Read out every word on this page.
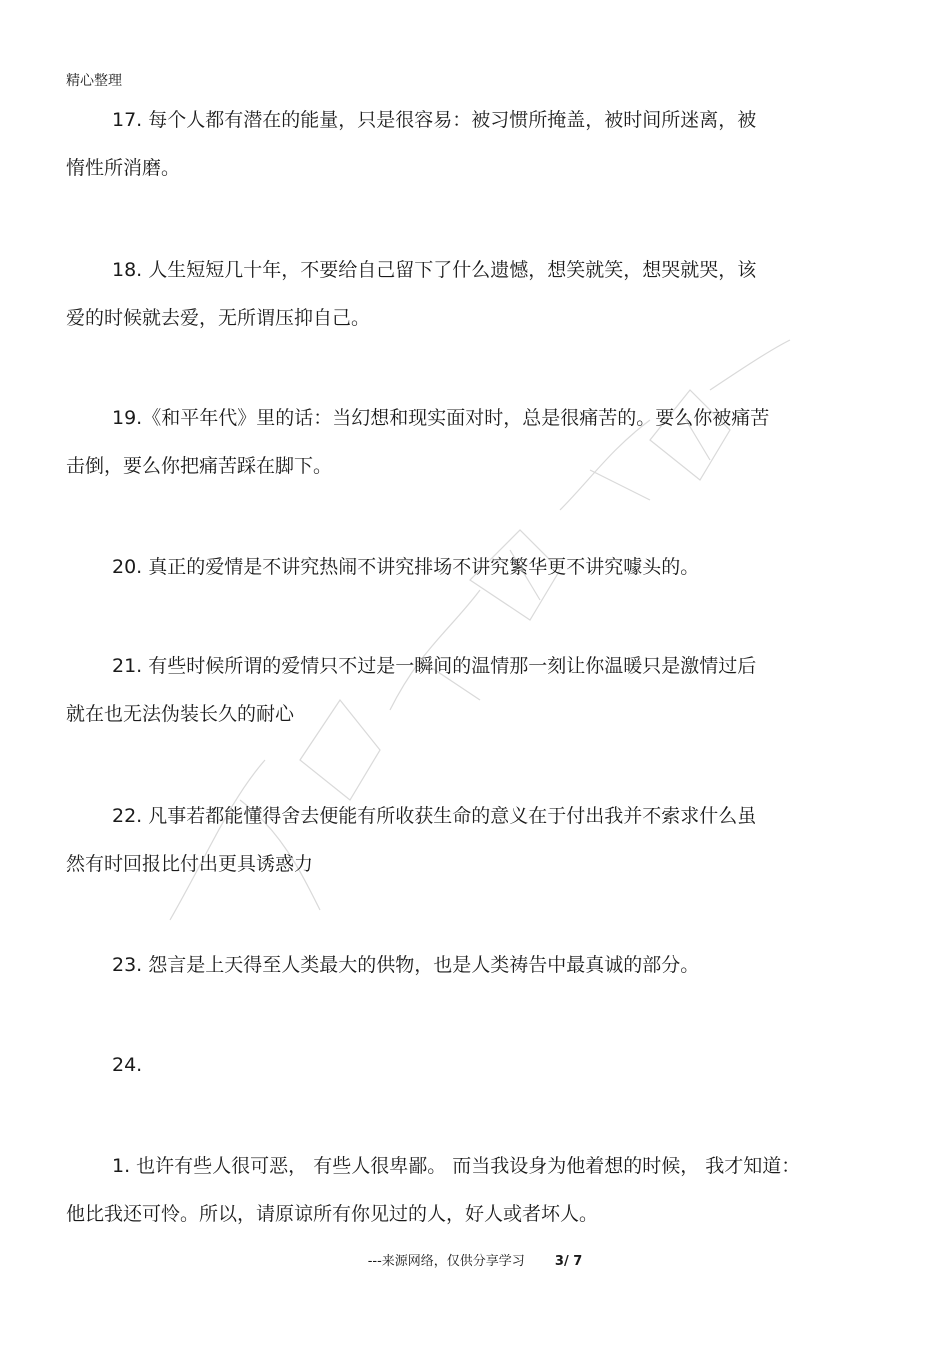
精心整理
17. 每个人都有潜在的能量，只是很容易：被习惯所掩盖，被时间所迷离，被
惰性所消磨。
18. 人生短短几十年，不要给自己留下了什么遗憾，想笑就笑，想哭就哭，该
爱的时候就去爱，无所谓压抑自己。
19.《和平年代》里的话：当幻想和现实面对时，总是很痛苦的。要么你被痛苦
击倒，要么你把痛苦踩在脚下。
20. 真正的爱情是不讲究热闹不讲究排场不讲究繁华更不讲究噱头的。
21. 有些时候所谓的爱情只不过是一瞬间的温情那一刻让你温暖只是激情过后
就在也无法伪装长久的耐心
22. 凡事若都能懂得舍去便能有所收获生命的意义在于付出我并不索求什么虽
然有时回报比付出更具诱惑力
23. 怨言是上天得至人类最大的供物，也是人类祷告中最真诚的部分。
24.
1. 也许有些人很可恶， 有些人很卑鄙。 而当我设身为他着想的时候， 我才知道：
他比我还可怜。所以，请原谅所有你见过的人，好人或者坏人。
---来源网络，仅供分享学习 3/ 7
